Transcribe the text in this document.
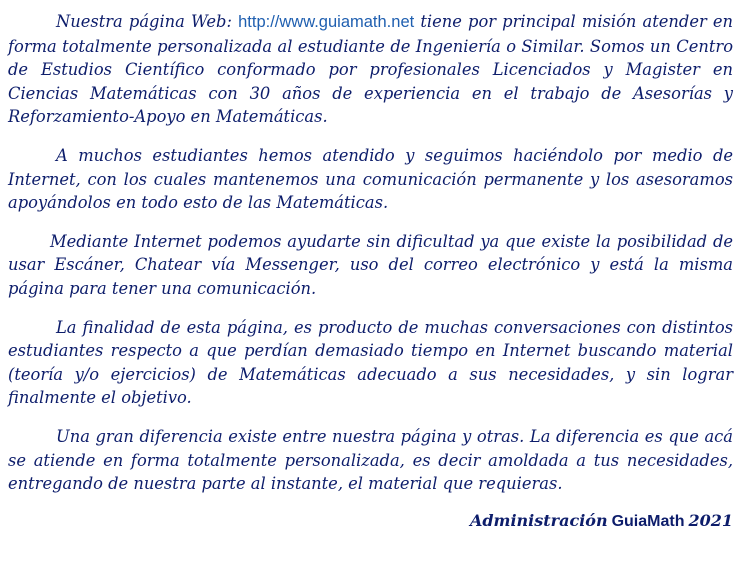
Nuestra página Web: http://www.guiamath.net tiene por principal misión atender en forma totalmente personalizada al estudiante de Ingeniería o Similar. Somos un Centro de Estudios Científico conformado por profesionales Licenciados y Magister en Ciencias Matemáticas con 30 años de experiencia en el trabajo de Asesorías y Reforzamiento-Apoyo en Matemáticas.

A muchos estudiantes hemos atendido y seguimos haciéndolo por medio de Internet, con los cuales mantenemos una comunicación permanente y los asesoramos apoyándolos en todo esto de las Matemáticas.

Mediante Internet podemos ayudarte sin dificultad ya que existe la posibilidad de usar Escáner, Chatear vía Messenger, uso del correo electrónico y está la misma página para tener una comunicación.

La finalidad de esta página, es producto de muchas conversaciones con distintos estudiantes respecto a que perdían demasiado tiempo en Internet buscando material (teoría y/o ejercicios) de Matemáticas adecuado a sus necesidades, y sin lograr finalmente el objetivo.

Una gran diferencia existe entre nuestra página y otras. La diferencia es que acá se atiende en forma totalmente personalizada, es decir amoldada a tus necesidades, entregando de nuestra parte al instante, el material que requieras.

Administración GuiaMath 2021
